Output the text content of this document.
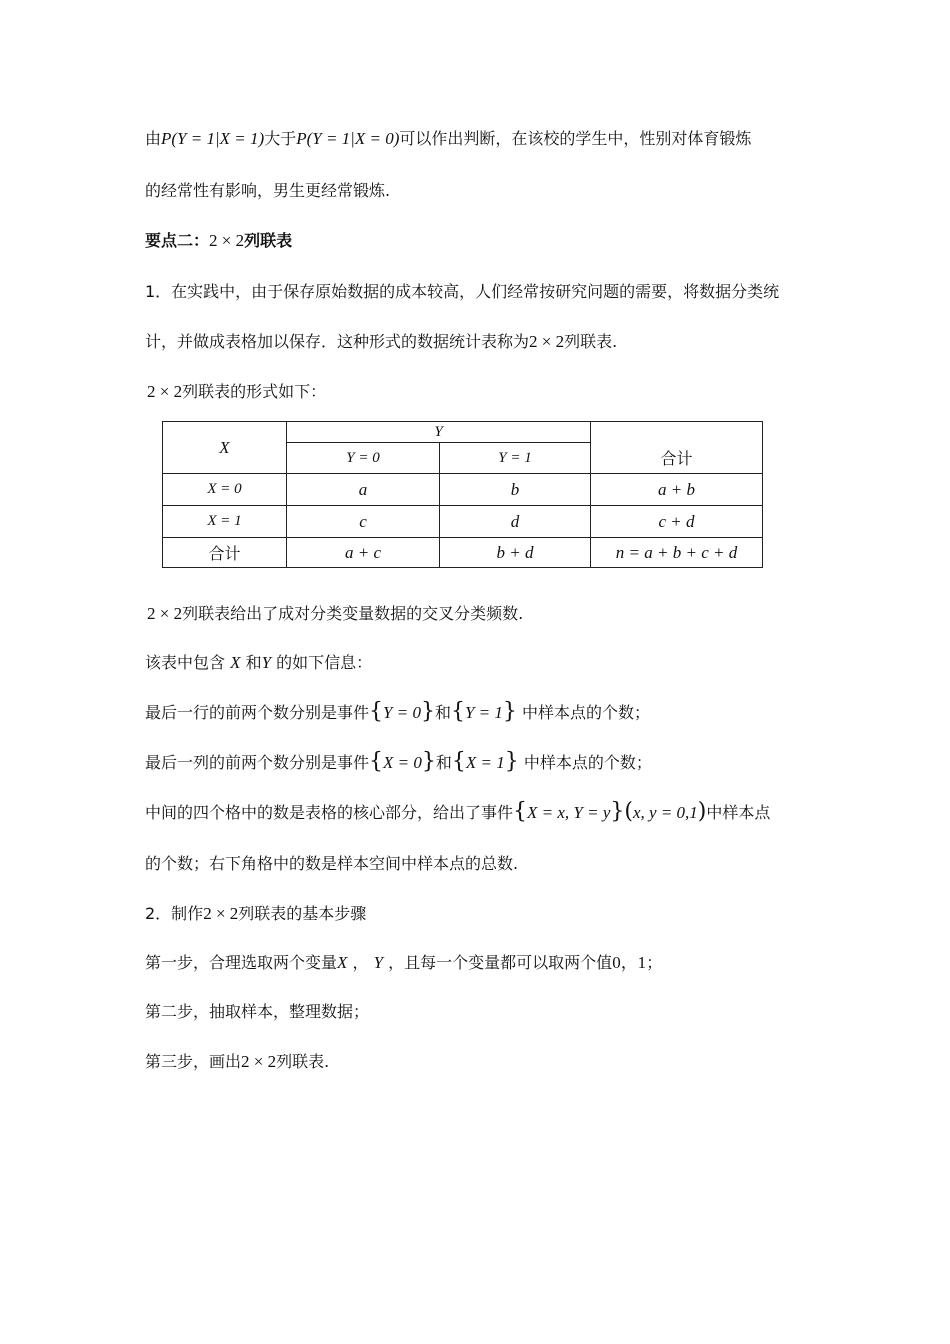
由P(Y = 1|X = 1)大于P(Y = 1|X = 0)可以作出判断，在该校的学生中，性别对体育锻炼
的经常性有影响，男生更经常锻炼.
要点二：2 × 2列联表
1．在实践中，由于保存原始数据的成本较高，人们经常按研究问题的需要，将数据分类统
计，并做成表格加以保存．这种形式的数据统计表称为2 × 2列联表.
2 × 2列联表的形式如下：
X	Y		合计
	Y = 0	Y = 1	
X = 0	a	b	a + b
X = 1	c	d	c + d
合计	a + c	b + d	n = a + b + c + d
2 × 2列联表给出了成对分类变量数据的交叉分类频数.
该表中包含 X 和Y 的如下信息：
最后一行的前两个数分别是事件{Y = 0}和{Y = 1} 中样本点的个数；
最后一列的前两个数分别是事件{X = 0}和{X = 1} 中样本点的个数；
中间的四个格中的数是表格的核心部分，给出了事件{X = x, Y = y}(x, y = 0,1)中样本点
的个数；右下角格中的数是样本空间中样本点的总数.
2．制作2 × 2列联表的基本步骤
第一步，合理选取两个变量X ， Y ，且每一个变量都可以取两个值0，1；
第二步，抽取样本，整理数据；
第三步，画出2 × 2列联表.
